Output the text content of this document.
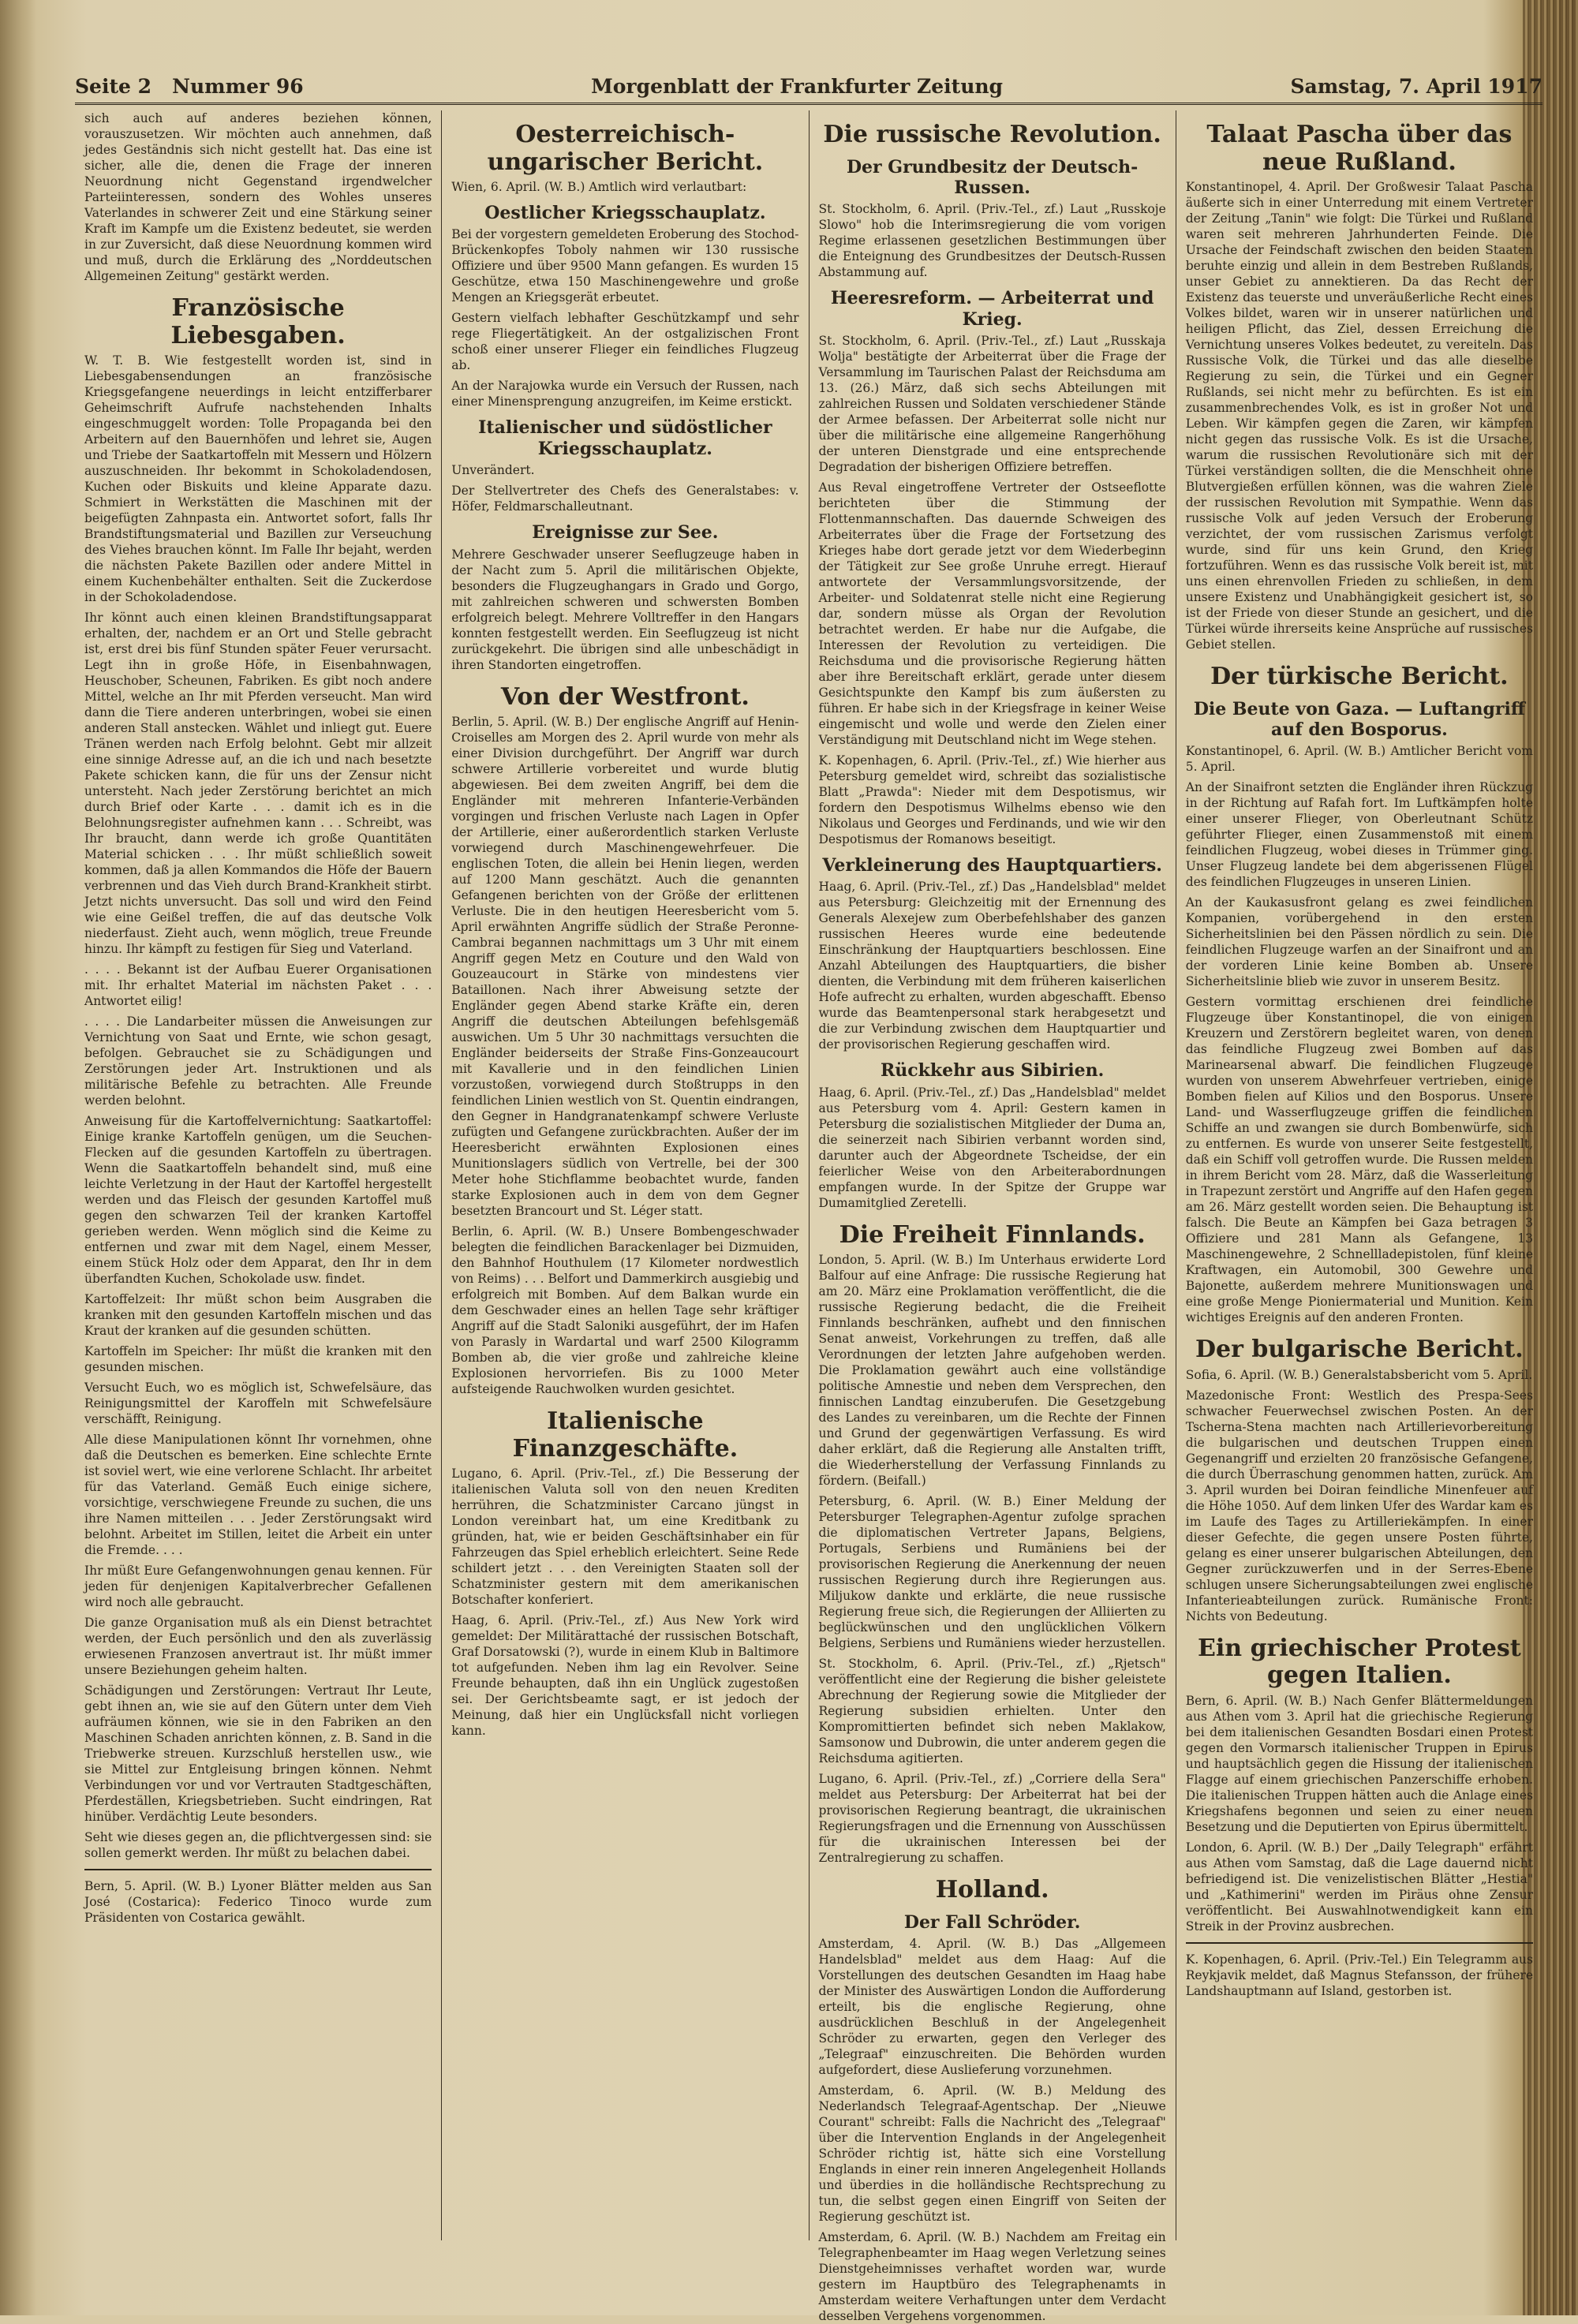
Seite 2 Nummer 96	Morgenblatt der Frankfurter Zeitung	Samstag, 7. April 1917

sich auch auf anderes beziehen können, vorauszusetzen. Wir möchten auch annehmen, daß jedes Geständnis sich nicht gestellt hat. Das eine ist sicher, alle die, denen die Frage der inneren Neuordnung nicht Gegenstand irgendwelcher Parteiinteressen, sondern des Wohles unseres Vaterlandes in schwerer Zeit und eine Stärkung seiner Kraft im Kampfe um die Existenz bedeutet, sie werden in zur Zuversicht, daß diese Neuordnung kommen wird und muß, durch die Erklärung des „Norddeutschen Allgemeinen Zeitung" gestärkt werden.

Französische Liebesgaben.

W. T. B. Wie festgestellt worden ist, sind in Liebesgabensendungen an französische Kriegsgefangene neuerdings in leicht entzifferbarer Geheimschrift Aufrufe nachstehenden Inhalts eingeschmuggelt worden: Tolle Propaganda bei den Arbeitern auf den Bauernhöfen und lehret sie, Augen und Triebe der Saatkartoffeln mit Messern und Hölzern auszuschneiden. Ihr bekommt in Schokoladendosen, Kuchen oder Biskuits und kleine Apparate dazu. Schmiert in Werkstätten die Maschinen mit der beigefügten Zahnpasta ein. Antwortet sofort, falls Ihr Brandstiftungsmaterial und Bazillen zur Verseuchung des Viehes brauchen könnt. Im Falle Ihr bejaht, werden die nächsten Pakete Bazillen oder andere Mittel in einem Kuchenbehälter enthalten. Seit die Zuckerdose in der Schokoladendose.

Ihr könnt auch einen kleinen Brandstiftungsapparat erhalten, der, nachdem er an Ort und Stelle gebracht ist, erst drei bis fünf Stunden später Feuer verursacht. Legt ihn in große Höfe, in Eisenbahnwagen, Heuschober, Scheunen, Fabriken. Es gibt noch andere Mittel, welche an Ihr mit Pferden verseucht. Man wird dann die Tiere anderen unterbringen, wobei sie einen anderen Stall anstecken. Wählet und inliegt gut. Euere Tränen werden nach Erfolg belohnt. Gebt mir allzeit eine sinnige Adresse auf, an die ich und nach besetzte Pakete schicken kann, die für uns der Zensur nicht untersteht. Nach jeder Zerstörung berichtet an mich durch Brief oder Karte . . . damit ich es in die Belohnungsregister aufnehmen kann . . . Schreibt, was Ihr braucht, dann werde ich große Quantitäten Material schicken . . . Ihr müßt schließlich soweit kommen, daß ja allen Kommandos die Höfe der Bauern verbrennen und das Vieh durch Brand-Krankheit stirbt. Jetzt nichts unversucht. Das soll und wird den Feind wie eine Geißel treffen, die auf das deutsche Volk niederfaust. Zieht auch, wenn möglich, treue Freunde hinzu. Ihr kämpft zu festigen für Sieg und Vaterland.

. . . . Bekannt ist der Aufbau Euerer Organisationen mit. Ihr erhaltet Material im nächsten Paket . . . Antwortet eilig!

. . . . Die Landarbeiter müssen die Anweisungen zur Vernichtung von Saat und Ernte, wie schon gesagt, befolgen. Gebrauchet sie zu Schädigungen und Zerstörungen jeder Art. Instruktionen und als militärische Befehle zu betrachten. Alle Freunde werden belohnt.

Anweisung für die Kartoffelvernichtung: Saatkartoffel: Einige kranke Kartoffeln genügen, um die Seuchen-Flecken auf die gesunden Kartoffeln zu übertragen. Wenn die Saatkartoffeln behandelt sind, muß eine leichte Verletzung in der Haut der Kartoffel hergestellt werden und das Fleisch der gesunden Kartoffel muß gegen den schwarzen Teil der kranken Kartoffel gerieben werden. Wenn möglich sind die Keime zu entfernen und zwar mit dem Nagel, einem Messer, einem Stück Holz oder dem Apparat, den Ihr in dem überfandten Kuchen, Schokolade usw. findet.

Kartoffelzeit: Ihr müßt schon beim Ausgraben die kranken mit den gesunden Kartoffeln mischen und das Kraut der kranken auf die gesunden schütten.

Kartoffeln im Speicher: Ihr müßt die kranken mit den gesunden mischen.

Versucht Euch, wo es möglich ist, Schwefelsäure, das Reinigungsmittel der Karoffeln mit Schwefelsäure verschäfft, Reinigung.

Alle diese Manipulationen könnt Ihr vornehmen, ohne daß die Deutschen es bemerken. Eine schlechte Ernte ist soviel wert, wie eine verlorene Schlacht. Ihr arbeitet für das Vaterland. Gemäß Euch einige sichere, vorsichtige, verschwiegene Freunde zu suchen, die uns ihre Namen mitteilen . . . Jeder Zerstörungsakt wird belohnt. Arbeitet im Stillen, leitet die Arbeit ein unter die Fremde. . . .

Ihr müßt Eure Gefangenwohnungen genau kennen. Für jeden für denjenigen Kapitalverbrecher Gefallenen wird noch alle gebraucht.

Die ganze Organisation muß als ein Dienst betrachtet werden, der Euch persönlich und den als zuverlässig erwiesenen Franzosen anvertraut ist. Ihr müßt immer unsere Beziehungen geheim halten.

Schädigungen und Zerstörungen: Vertraut Ihr Leute, gebt ihnen an, wie sie auf den Gütern unter dem Vieh aufräumen können, wie sie in den Fabriken an den Maschinen Schaden anrichten können, z. B. Sand in die Triebwerke streuen. Kurzschluß herstellen usw., wie sie Mittel zur Entgleisung bringen können. Nehmt Verbindungen vor und vor Vertrauten Stadtgeschäften, Pferdeställen, Kriegsbetrieben. Sucht eindringen, Rat hinüber. Verdächtig Leute besonders.

Seht wie dieses gegen an, die pflichtvergessen sind: sie sollen gemerkt werden. Ihr müßt zu belachen dabei.

Bern, 5. April. (W. B.) Lyoner Blätter melden aus San José (Costarica): Federico Tinoco wurde zum Präsidenten von Costarica gewählt.

Oesterreichisch-ungarischer Bericht.

Wien, 6. April. (W. B.) Amtlich wird verlautbart:

Oestlicher Kriegsschauplatz.

Bei der vorgestern gemeldeten Eroberung des Stochod-Brückenkopfes Toboly nahmen wir 130 russische Offiziere und über 9500 Mann gefangen. Es wurden 15 Geschütze, etwa 150 Maschinengewehre und große Mengen an Kriegsgerät erbeutet.

Gestern vielfach lebhafter Geschützkampf und sehr rege Fliegertätigkeit. An der ostgalizischen Front schoß einer unserer Flieger ein feindliches Flugzeug ab.

An der Narajowka wurde ein Versuch der Russen, nach einer Minensprengung anzugreifen, im Keime erstickt.

Italienischer und südöstlicher Kriegsschauplatz.

Unverändert.

Der Stellvertreter des Chefs des Generalstabes: v. Höfer, Feldmarschalleutnant.

Ereignisse zur See.

Mehrere Geschwader unserer Seeflugzeuge haben in der Nacht zum 5. April die militärischen Objekte, besonders die Flugzeughangars in Grado und Gorgo, mit zahlreichen schweren und schwersten Bomben erfolgreich belegt. Mehrere Volltreffer in den Hangars konnten festgestellt werden. Ein Seeflugzeug ist nicht zurückgekehrt. Die übrigen sind alle unbeschädigt in ihren Standorten eingetroffen.

Von der Westfront.

Berlin, 5. April. (W. B.) Der englische Angriff auf Henin-Croiselles am Morgen des 2. April wurde von mehr als einer Division durchgeführt. Der Angriff war durch schwere Artillerie vorbereitet und wurde blutig abgewiesen. Bei dem zweiten Angriff, bei dem die Engländer mit mehreren Infanterie-Verbänden vorgingen und frischen Verluste nach Lagen in Opfer der Artillerie, einer außerordentlich starken Verluste vorwiegend durch Maschinengewehrfeuer. Die englischen Toten, die allein bei Henin liegen, werden auf 1200 Mann geschätzt. Auch die genannten Gefangenen berichten von der Größe der erlittenen Verluste. Die in den heutigen Heeresbericht vom 5. April erwähnten Angriffe südlich der Straße Peronne-Cambrai begannen nachmittags um 3 Uhr mit einem Angriff gegen Metz en Couture und den Wald von Gouzeaucourt in Stärke von mindestens vier Bataillonen. Nach ihrer Abweisung setzte der Engländer gegen Abend starke Kräfte ein, deren Angriff die deutschen Abteilungen befehlsgemäß auswichen. Um 5 Uhr 30 nachmittags versuchten die Engländer beiderseits der Straße Fins-Gonzeaucourt mit Kavallerie und in den feindlichen Linien vorzustoßen, vorwiegend durch Stoßtrupps in den feindlichen Linien westlich von St. Quentin eindrangen, den Gegner in Handgranatenkampf schwere Verluste zufügten und Gefangene zurückbrachten. Außer der im Heeresbericht erwähnten Explosionen eines Munitionslagers südlich von Vertrelle, bei der 300 Meter hohe Stichflamme beobachtet wurde, fanden starke Explosionen auch in dem von dem Gegner besetzten Brancourt und St. Léger statt.

Berlin, 6. April. (W. B.) Unsere Bombengeschwader belegten die feindlichen Barackenlager bei Dizmuiden, den Bahnhof Houthulem (17 Kilometer nordwestlich von Reims) . . . Belfort und Dammerkirch ausgiebig und erfolgreich mit Bomben. Auf dem Balkan wurde ein dem Geschwader eines an hellen Tage sehr kräftiger Angriff auf die Stadt Saloniki ausgeführt, der im Hafen von Parasly in Wardartal und warf 2500 Kilogramm Bomben ab, die vier große und zahlreiche kleine Explosionen hervorriefen. Bis zu 1000 Meter aufsteigende Rauchwolken wurden gesichtet.

Italienische Finanzgeschäfte.

Lugano, 6. April. (Priv.-Tel., zf.) Die Besserung der italienischen Valuta soll von den neuen Krediten herrühren, die Schatzminister Carcano jüngst in London vereinbart hat, um eine Kreditbank zu gründen, hat, wie er beiden Geschäftsinhaber ein für Fahrzeugen das Spiel erheblich erleichtert. Seine Rede schildert jetzt . . . den Vereinigten Staaten soll der Schatzminister gestern mit dem amerikanischen Botschafter konferiert.

Haag, 6. April. (Priv.-Tel., zf.) Aus New York wird gemeldet: Der Militärattaché der russischen Botschaft, Graf Dorsatowski (?), wurde in einem Klub in Baltimore tot aufgefunden. Neben ihm lag ein Revolver. Seine Freunde behaupten, daß ihn ein Unglück zugestoßen sei. Der Gerichtsbeamte sagt, er ist jedoch der Meinung, daß hier ein Unglücksfall nicht vorliegen kann.

Die russische Revolution.
Der Grundbesitz der Deutsch-Russen.

St. Stockholm, 6. April. (Priv.-Tel., zf.) Laut „Russkoje Slowo" hob die Interimsregierung die vom vorigen Regime erlassenen gesetzlichen Bestimmungen über die Enteignung des Grundbesitzes der Deutsch-Russen Abstammung auf.

Heeresreform. — Arbeiterrat und Krieg.

St. Stockholm, 6. April. (Priv.-Tel., zf.) Laut „Russkaja Wolja" bestätigte der Arbeiterrat über die Frage der Versammlung im Taurischen Palast der Reichsduma am 13. (26.) März, daß sich sechs Abteilungen mit zahlreichen Russen und Soldaten verschiedener Stände der Armee befassen. Der Arbeiterrat solle nicht nur über die militärische eine allgemeine Rangerhöhung der unteren Dienstgrade und eine entsprechende Degradation der bisherigen Offiziere betreffen.

Aus Reval eingetroffene Vertreter der Ostseeflotte berichteten über die Stimmung der Flottenmannschaften. Das dauernde Schweigen des Arbeiterrates über die Frage der Fortsetzung des Krieges habe dort gerade jetzt vor dem Wiederbeginn der Tätigkeit zur See große Unruhe erregt. Hierauf antwortete der Versammlungsvorsitzende, der Arbeiter- und Soldatenrat stelle nicht eine Regierung dar, sondern müsse als Organ der Revolution betrachtet werden. Er habe nur die Aufgabe, die Interessen der Revolution zu verteidigen. Die Reichsduma und die provisorische Regierung hätten aber ihre Bereitschaft erklärt, gerade unter diesem Gesichtspunkte den Kampf bis zum äußersten zu führen. Er habe sich in der Kriegsfrage in keiner Weise eingemischt und wolle und werde den Zielen einer Verständigung mit Deutschland nicht im Wege stehen.

K. Kopenhagen, 6. April. (Priv.-Tel., zf.) Wie hierher aus Petersburg gemeldet wird, schreibt das sozialistische Blatt „Prawda": Nieder mit dem Despotismus, wir fordern den Despotismus Wilhelms ebenso wie den Nikolaus und Georges und Ferdinands, und wie wir den Despotismus der Romanows beseitigt.

Verkleinerung des Hauptquartiers.

Haag, 6. April. (Priv.-Tel., zf.) Das „Handelsblad" meldet aus Petersburg: Gleichzeitig mit der Ernennung des Generals Alexejew zum Oberbefehlshaber des ganzen russischen Heeres wurde eine bedeutende Einschränkung der Hauptquartiers beschlossen. Eine Anzahl Abteilungen des Hauptquartiers, die bisher dienten, die Verbindung mit dem früheren kaiserlichen Hofe aufrecht zu erhalten, wurden abgeschafft. Ebenso wurde das Beamtenpersonal stark herabgesetzt und die zur Verbindung zwischen dem Hauptquartier und der provisorischen Regierung geschaffen wird.

Rückkehr aus Sibirien.

Haag, 6. April. (Priv.-Tel., zf.) Das „Handelsblad" meldet aus Petersburg vom 4. April: Gestern kamen in Petersburg die sozialistischen Mitglieder der Duma an, die seinerzeit nach Sibirien verbannt worden sind, darunter auch der Abgeordnete Tscheidse, der ein feierlicher Weise von den Arbeiterabordnungen empfangen wurde. In der Spitze der Gruppe war Dumamitglied Zeretelli.

Die Freiheit Finnlands.

London, 5. April. (W. B.) Im Unterhaus erwiderte Lord Balfour auf eine Anfrage: Die russische Regierung hat am 20. März eine Proklamation veröffentlicht, die die russische Regierung bedacht, die die Freiheit Finnlands beschränken, aufhebt und den finnischen Senat anweist, Vorkehrungen zu treffen, daß alle Verordnungen der letzten Jahre aufgehoben werden. Die Proklamation gewährt auch eine vollständige politische Amnestie und neben dem Versprechen, den finnischen Landtag einzuberufen. Die Gesetzgebung des Landes zu vereinbaren, um die Rechte der Finnen und Grund der gegenwärtigen Verfassung. Es wird daher erklärt, daß die Regierung alle Anstalten trifft, die Wiederherstellung der Verfassung Finnlands zu fördern. (Beifall.)

Petersburg, 6. April. (W. B.) Einer Meldung der Petersburger Telegraphen-Agentur zufolge sprachen die diplomatischen Vertreter Japans, Belgiens, Portugals, Serbiens und Rumäniens bei der provisorischen Regierung die Anerkennung der neuen russischen Regierung durch ihre Regierungen aus. Miljukow dankte und erklärte, die neue russische Regierung freue sich, die Regierungen der Alliierten zu beglückwünschen und den unglücklichen Völkern Belgiens, Serbiens und Rumäniens wieder herzustellen.

St. Stockholm, 6. April. (Priv.-Tel., zf.) „Rjetsch" veröffentlicht eine der Regierung die bisher geleistete Abrechnung der Regierung sowie die Mitglieder der Regierung subsidien erhielten. Unter den Kompromittierten befindet sich neben Maklakow, Samsonow und Dubrowin, die unter anderem gegen die Reichsduma agitierten.

Lugano, 6. April. (Priv.-Tel., zf.) „Corriere della Sera" meldet aus Petersburg: Der Arbeiterrat hat bei der provisorischen Regierung beantragt, die ukrainischen Regierungsfragen und die Ernennung von Ausschüssen für die ukrainischen Interessen bei der Zentralregierung zu schaffen.

Holland.
Der Fall Schröder.

Amsterdam, 4. April. (W. B.) Das „Allgemeen Handelsblad" meldet aus dem Haag: Auf die Vorstellungen des deutschen Gesandten im Haag habe der Minister des Auswärtigen London die Aufforderung erteilt, bis die englische Regierung, ohne ausdrücklichen Beschluß in der Angelegenheit Schröder zu erwarten, gegen den Verleger des „Telegraaf" einzuschreiten. Die Behörden wurden aufgefordert, diese Auslieferung vorzunehmen.

Amsterdam, 6. April. (W. B.) Meldung des Nederlandsch Telegraaf-Agentschap. Der „Nieuwe Courant" schreibt: Falls die Nachricht des „Telegraaf" über die Intervention Englands in der Angelegenheit Schröder richtig ist, hätte sich eine Vorstellung Englands in einer rein inneren Angelegenheit Hollands und überdies in die holländische Rechtsprechung zu tun, die selbst gegen einen Eingriff von Seiten der Regierung geschützt ist.

Amsterdam, 6. April. (W. B.) Nachdem am Freitag ein Telegraphenbeamter im Haag wegen Verletzung seines Dienstgeheimnisses verhaftet worden war, wurde gestern im Hauptbüro des Telegraphenamts in Amsterdam weitere Verhaftungen unter dem Verdacht desselben Vergehens vorgenommen.

Talaat Pascha über das neue Rußland.

Konstantinopel, 4. April. Der Großwesir Talaat Pascha äußerte sich in einer Unterredung mit einem Vertreter der Zeitung „Tanin" wie folgt: Die Türkei und Rußland waren seit mehreren Jahrhunderten Feinde. Die Ursache der Feindschaft zwischen den beiden Staaten beruhte einzig und allein in dem Bestreben Rußlands, unser Gebiet zu annektieren. Da das Recht der Existenz das teuerste und unveräußerliche Recht eines Volkes bildet, waren wir in unserer natürlichen und heiligen Pflicht, das Ziel, dessen Erreichung die Vernichtung unseres Volkes bedeutet, zu vereiteln. Das Russische Volk, die Türkei und das alle dieselbe Regierung zu sein, die Türkei und ein Gegner Rußlands, sei nicht mehr zu befürchten. Es ist ein zusammenbrechendes Volk, es ist in großer Not und Leben. Wir kämpfen gegen die Zaren, wir kämpfen nicht gegen das russische Volk. Es ist die Ursache, warum die russischen Revolutionäre sich mit der Türkei verständigen sollten, die die Menschheit ohne Blutvergießen erfüllen können, was die wahren Ziele der russischen Revolution mit Sympathie. Wenn das russische Volk auf jeden Versuch der Eroberung verzichtet, der vom russischen Zarismus verfolgt wurde, sind für uns kein Grund, den Krieg fortzuführen. Wenn es das russische Volk bereit ist, mit uns einen ehrenvollen Frieden zu schließen, in dem unsere Existenz und Unabhängigkeit gesichert ist, so ist der Friede von dieser Stunde an gesichert, und die Türkei würde ihrerseits keine Ansprüche auf russisches Gebiet stellen.

Der türkische Bericht.
Die Beute von Gaza. — Luftangriff auf den Bosporus.

Konstantinopel, 6. April. (W. B.) Amtlicher Bericht vom 5. April.

An der Sinaifront setzten die Engländer ihren Rückzug in der Richtung auf Rafah fort. Im Luftkämpfen holte einer unserer Flieger, von Oberleutnant Schütz geführter Flieger, einen Zusammenstoß mit einem feindlichen Flugzeug, wobei dieses in Trümmer ging. Unser Flugzeug landete bei dem abgerissenen Flügel des feindlichen Flugzeuges in unseren Linien.

An der Kaukasusfront gelang es zwei feindlichen Kompanien, vorübergehend in den ersten Sicherheitslinien bei den Pässen nördlich zu sein. Die feindlichen Flugzeuge warfen an der Sinaifront und an der vorderen Linie keine Bomben ab. Unsere Sicherheitslinie blieb wie zuvor in unserem Besitz.

Gestern vormittag erschienen drei feindliche Flugzeuge über Konstantinopel, die von einigen Kreuzern und Zerstörern begleitet waren, von denen das feindliche Flugzeug zwei Bomben auf das Marinearsenal abwarf. Die feindlichen Flugzeuge wurden von unserem Abwehrfeuer vertrieben, einige Bomben fielen auf Kilios und den Bosporus. Unsere Land- und Wasserflugzeuge griffen die feindlichen Schiffe an und zwangen sie durch Bombenwürfe, sich zu entfernen. Es wurde von unserer Seite festgestellt, daß ein Schiff voll getroffen wurde. Die Russen melden in ihrem Bericht vom 28. März, daß die Wasserleitung in Trapezunt zerstört und Angriffe auf den Hafen gegen am 26. März gestellt worden seien. Die Behauptung ist falsch. Die Beute an Kämpfen bei Gaza betragen 3 Offiziere und 281 Mann als Gefangene, 13 Maschinengewehre, 2 Schnellladepistolen, fünf kleine Kraftwagen, ein Automobil, 300 Gewehre und Bajonette, außerdem mehrere Munitionswagen und eine große Menge Pioniermaterial und Munition. Kein wichtiges Ereignis auf den anderen Fronten.

Der bulgarische Bericht.

Sofia, 6. April. (W. B.) Generalstabsbericht vom 5. April.

Mazedonische Front: Westlich des Prespa-Sees schwacher Feuerwechsel zwischen Posten. An der Tscherna-Stena machten nach Artillerievorbereitung die bulgarischen und deutschen Truppen einen Gegenangriff und erzielten 20 französische Gefangene, die durch Überraschung genommen hatten, zurück. Am 3. April wurden bei Doiran feindliche Minenfeuer auf die Höhe 1050. Auf dem linken Ufer des Wardar kam es im Laufe des Tages zu Artilleriekämpfen. In einer dieser Gefechte, die gegen unsere Posten führte, gelang es einer unserer bulgarischen Abteilungen, den Gegner zurückzuwerfen und in der Serres-Ebene schlugen unsere Sicherungsabteilungen zwei englische Infanterieabteilungen zurück. Rumänische Front: Nichts von Bedeutung.

Ein griechischer Protest gegen Italien.

Bern, 6. April. (W. B.) Nach Genfer Blättermeldungen aus Athen vom 3. April hat die griechische Regierung bei dem italienischen Gesandten Bosdari einen Protest gegen den Vormarsch italienischer Truppen in Epirus und hauptsächlich gegen die Hissung der italienischen Flagge auf einem griechischen Panzerschiffe erhoben. Die italienischen Truppen hätten auch die Anlage eines Kriegshafens begonnen und seien zu einer neuen Besetzung und die Deputierten von Epirus übermittelt.

London, 6. April. (W. B.) Der „Daily Telegraph" erfährt aus Athen vom Samstag, daß die Lage dauernd nicht befriedigend ist. Die venizelistischen Blätter „Hestia" und „Kathimerini" werden im Piräus ohne Zensur veröffentlicht. Bei Auswahlnotwendigkeit kann ein Streik in der Provinz ausbrechen.

K. Kopenhagen, 6. April. (Priv.-Tel.) Ein Telegramm aus Reykjavik meldet, daß Magnus Stefansson, der frühere Landshauptmann auf Island, gestorben ist.
